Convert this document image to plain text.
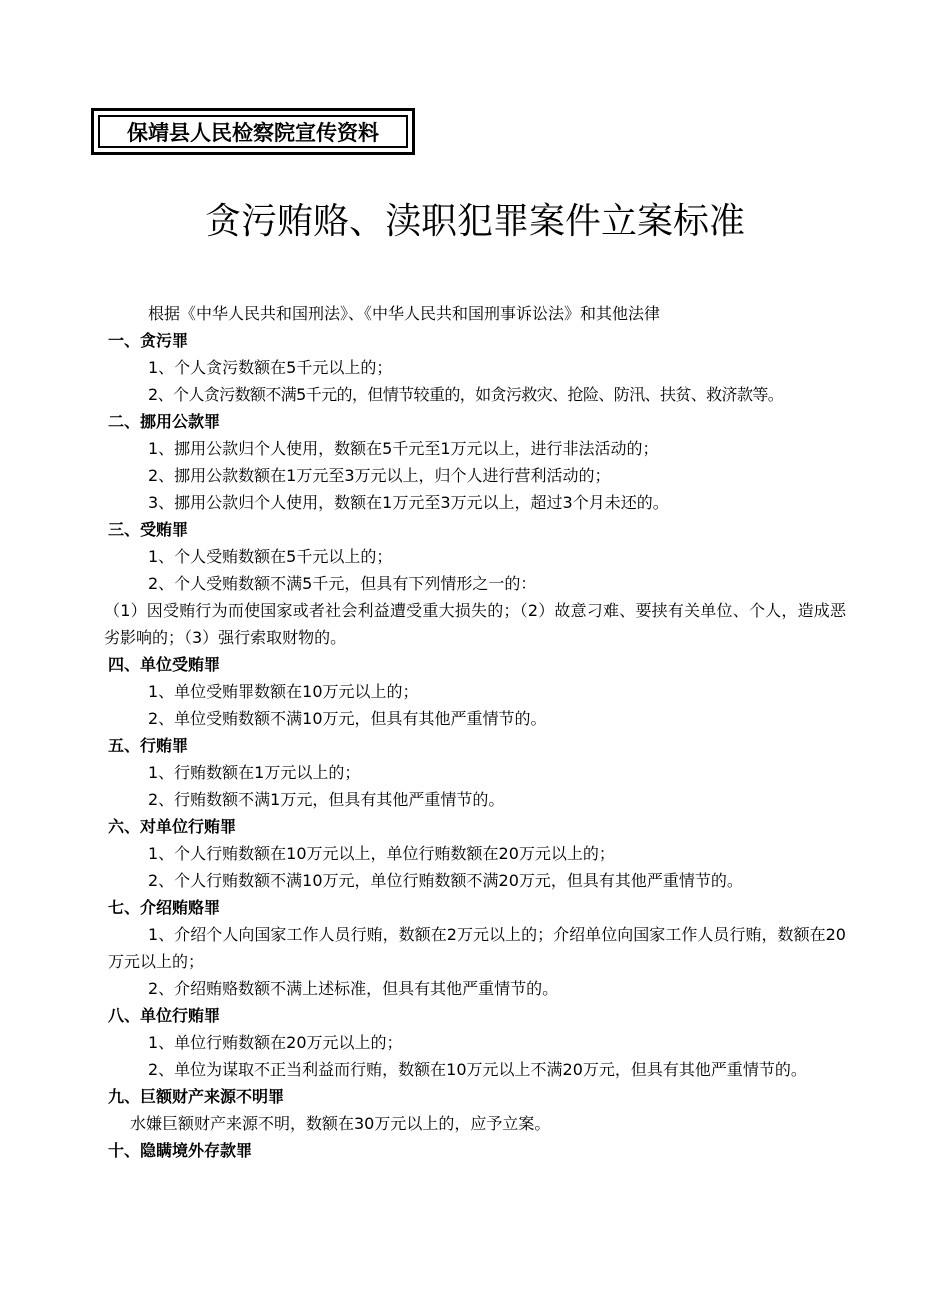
保靖县人民检察院宣传资料
贪污贿赂、渎职犯罪案件立案标准
根据《中华人民共和国刑法》、《中华人民共和国刑事诉讼法》和其他法律
一、贪污罪
1、个人贪污数额在5千元以上的；
2、个人贪污数额不满5千元的，但情节较重的，如贪污救灾、抢险、防汛、扶贫、救济款等。
二、挪用公款罪
1、挪用公款归个人使用，数额在5千元至1万元以上，进行非法活动的；
2、挪用公款数额在1万元至3万元以上，归个人进行营利活动的；
3、挪用公款归个人使用，数额在1万元至3万元以上，超过3个月未还的。
三、受贿罪
1、个人受贿数额在5千元以上的；
2、个人受贿数额不满5千元，但具有下列情形之一的：
（1）因受贿行为而使国家或者社会利益遭受重大损失的；（2）故意刁难、要挟有关单位、个人，造成恶劣影响的；（3）强行索取财物的。
四、单位受贿罪
1、单位受贿罪数额在10万元以上的；
2、单位受贿数额不满10万元，但具有其他严重情节的。
五、行贿罪
1、行贿数额在1万元以上的；
2、行贿数额不满1万元，但具有其他严重情节的。
六、对单位行贿罪
1、个人行贿数额在10万元以上，单位行贿数额在20万元以上的；
2、个人行贿数额不满10万元，单位行贿数额不满20万元，但具有其他严重情节的。
七、介绍贿赂罪
1、介绍个人向国家工作人员行贿，数额在2万元以上的；介绍单位向国家工作人员行贿，数额在20万元以上的；
2、介绍贿赂数额不满上述标准，但具有其他严重情节的。
八、单位行贿罪
1、单位行贿数额在20万元以上的；
2、单位为谋取不正当利益而行贿，数额在10万元以上不满20万元，但具有其他严重情节的。
九、巨额财产来源不明罪
水嫌巨额财产来源不明，数额在30万元以上的，应予立案。
十、隐瞒境外存款罪
